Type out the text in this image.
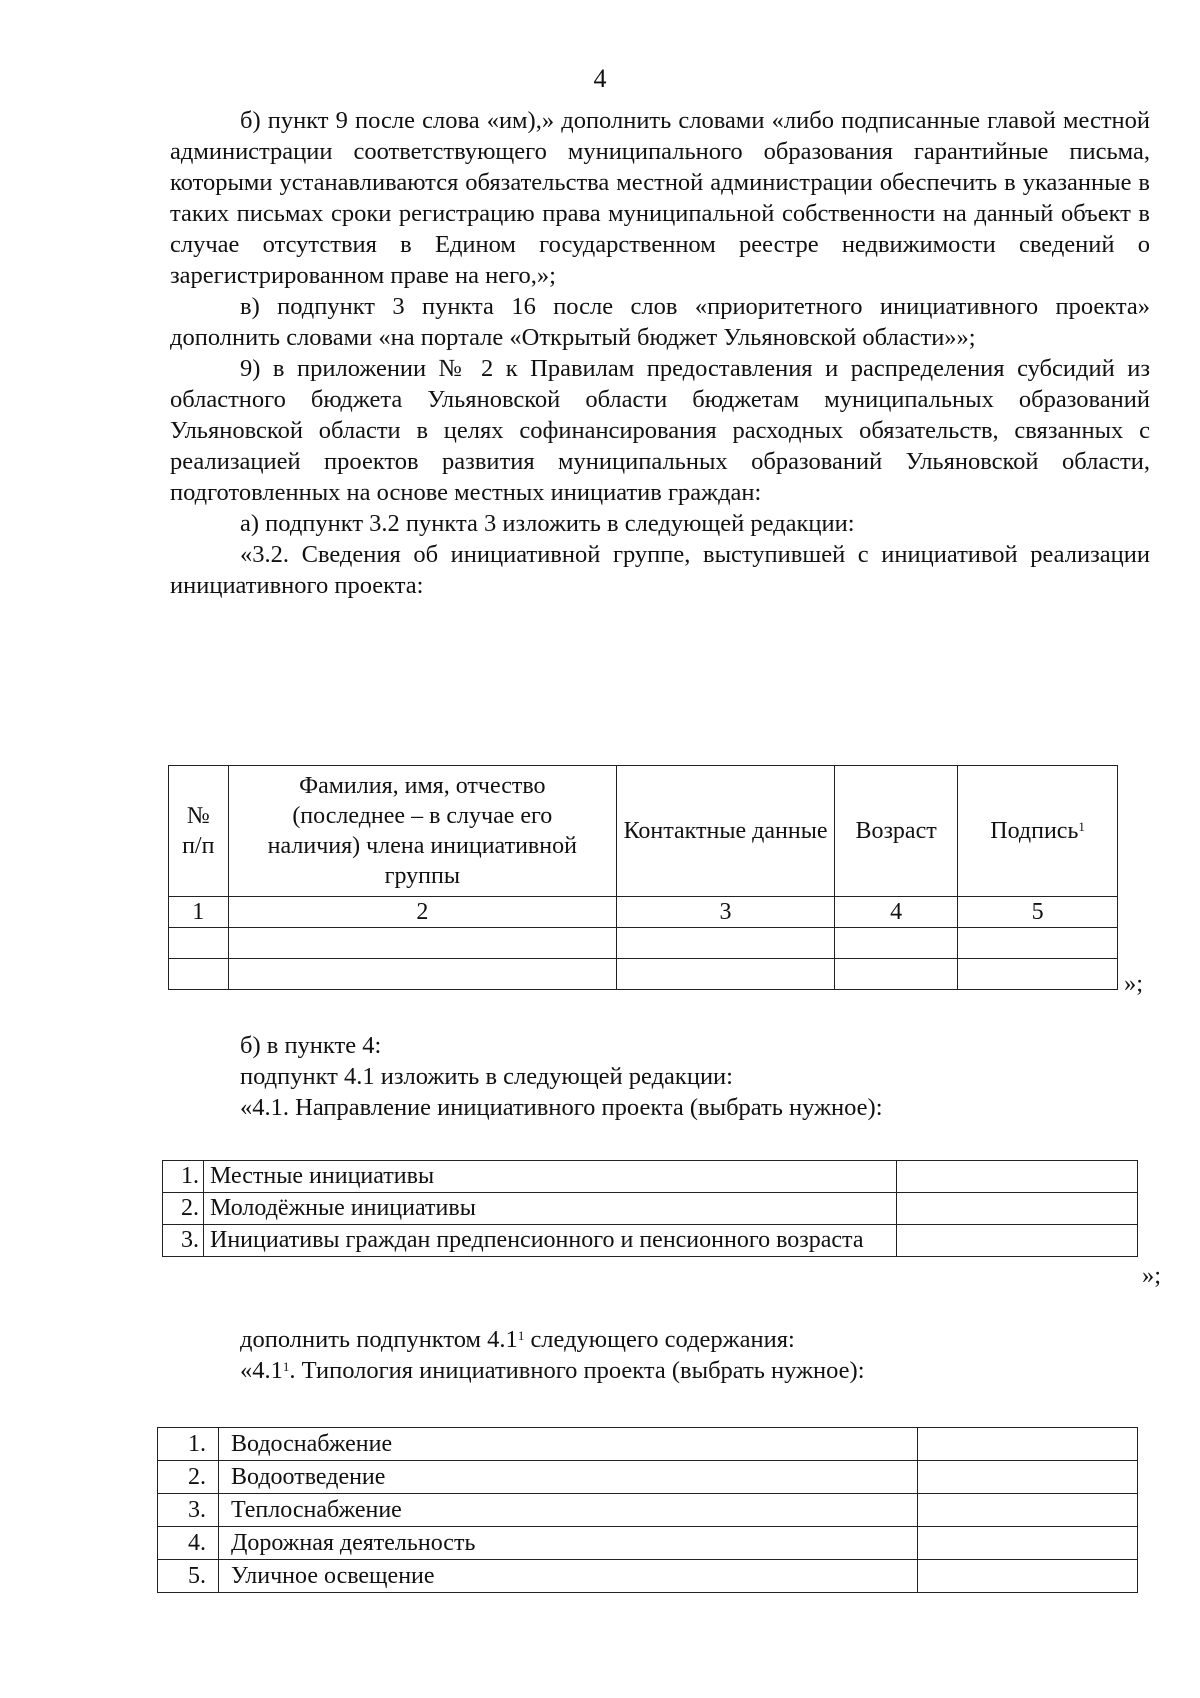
4

б) пункт 9 после слова «им),» дополнить словами «либо подписанные главой местной администрации соответствующего муниципального образования гарантийные письма, которыми устанавливаются обязательства местной администрации обеспечить в указанные в таких письмах сроки регистрацию права муниципальной собственности на данный объект в случае отсутствия в Едином государственном реестре недвижимости сведений о зарегистрированном праве на него,»;

в) подпункт 3 пункта 16 после слов «приоритетного инициативного проекта» дополнить словами «на портале «Открытый бюджет Ульяновской области»»;

9) в приложении № 2 к Правилам предоставления и распределения субсидий из областного бюджета Ульяновской области бюджетам муниципальных образований Ульяновской области в целях софинансирования расходных обязательств, связанных с реализацией проектов развития муниципальных образований Ульяновской области, подготовленных на основе местных инициатив граждан:

а) подпункт 3.2 пункта 3 изложить в следующей редакции:

«3.2. Сведения об инициативной группе, выступившей с инициативой реализации инициативного проекта:

№ п/п	Фамилия, имя, отчество (последнее – в случае его наличия) члена инициативной группы	Контактные данные	Возраст	Подпись$^1$
1	2	3	4	5

»;

б) в пункте 4:

подпункт 4.1 изложить в следующей редакции:

«4.1. Направление инициативного проекта (выбрать нужное):

1.	Местные инициативы	
2.	Молодёжные инициативы	
3.	Инициативы граждан предпенсионного и пенсионного возраста	
»;

дополнить подпунктом $4.1^1$ следующего содержания:

«$4.1^1$. Типология инициативного проекта (выбрать нужное):

1.	Водоснабжение	
2.	Водоотведение	
3.	Теплоснабжение	
4.	Дорожная деятельность	
5.	Уличное освещение	
